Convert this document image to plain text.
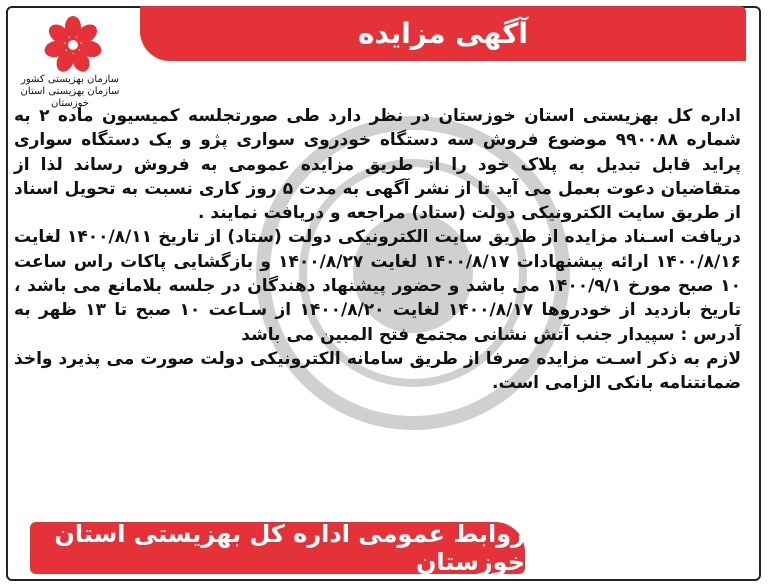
آگهی مزایده
سازمان بهزیستی کشور
سازمان بهزیستی استان خوزستان

اداره کل بهزیستی استان خوزستان در نظر دارد طی صورتجلسه کمیسیون ماده ۲ به شماره ۹۹۰۰۸۸ موضوع فروش سه دستگاه خودروی سواری پژو و یک دستگاه سواری پراید قابل تبدیل به پلاک خود را از طریق مزایده عمومی به فروش رساند لذا از متقاضیان دعوت بعمل می آید تا از نشر آگهی به مدت ۵ روز کاری نسبت به تحویل اسناد از طریق سایت الکترونیکی دولت (ستاد) مراجعه و دریافت نمایند .

دریافت اسـناد مزایده از طریق سایت الکترونیکی دولت (ستاد) از تاریخ ۱۴۰۰/۸/۱۱ لغایت ۱۴۰۰/۸/۱۶ ارائه پیشنهادات ۱۴۰۰/۸/۱۷ لغایت ۱۴۰۰/۸/۲۷ و بازگشایی پاکات راس ساعت ۱۰ صبح مورخ ۱۴۰۰/۹/۱ می باشد و حضور پیشنهاد دهندگان در جلسه بلامانع می باشد ، تاریخ بازدید از خودروها ۱۴۰۰/۸/۱۷ لغایت ۱۴۰۰/۸/۲۰ از سـاعت ۱۰ صبح تا ۱۳ ظهر به آدرس : سپیدار جنب آتش نشانی مجتمع فتح المبین می باشد

لازم به ذکر اسـت مزایده صرفا از طریق سامانه الکترونیکی دولت صورت می پذیرد واخذ ضمانتنامه بانکی الزامی است.

روابط عمومی اداره کل بهزیستی استان خوزستان
